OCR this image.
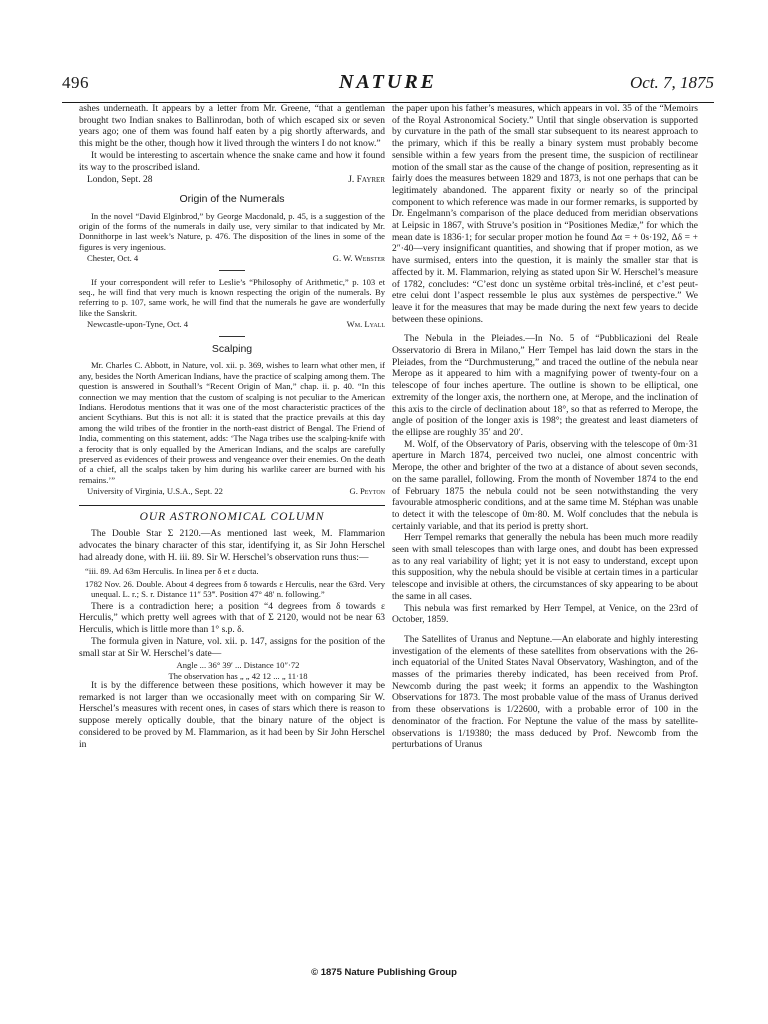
496	NATURE	Oct. 7, 1875

ashes underneath. It appears by a letter from Mr. Greene, “that a gentleman brought two Indian snakes to Ballinrodan, both of which escaped six or seven years ago; one of them was found half eaten by a pig shortly afterwards, and this might be the other, though how it lived through the winters I do not know.”

It would be interesting to ascertain whence the snake came and how it found its way to the proscribed island.

London, Sept. 28	J. Fayrer
Origin of the Numerals

In the novel “David Elginbrod,” by George Macdonald, p. 45, is a suggestion of the origin of the forms of the numerals in daily use, very similar to that indicated by Mr. Donnithorpe in last week’s Nature, p. 476. The disposition of the lines in some of the figures is very ingenious.

Chester, Oct. 4	G. W. Webster

If your correspondent will refer to Leslie’s “Philosophy of Arithmetic,” p. 103 et seq., he will find that very much is known respecting the origin of the numerals. By referring to p. 107, same work, he will find that the numerals he gave are wonderfully like the Sanskrit.

Newcastle-upon-Tyne, Oct. 4	Wm. Lyall
Scalping

Mr. Charles C. Abbott, in Nature, vol. xii. p. 369, wishes to learn what other men, if any, besides the North American Indians, have the practice of scalping among them. The question is answered in Southall’s “Recent Origin of Man,” chap. ii. p. 40. “In this connection we may mention that the custom of scalping is not peculiar to the American Indians. Herodotus mentions that it was one of the most characteristic practices of the ancient Scythians. But this is not all: it is stated that the practice prevails at this day among the wild tribes of the frontier in the north-east district of Bengal. The Friend of India, commenting on this statement, adds: ‘The Naga tribes use the scalping-knife with a ferocity that is only equalled by the American Indians, and the scalps are carefully preserved as evidences of their prowess and vengeance over their enemies. On the death of a chief, all the scalps taken by him during his warlike career are burned with his remains.’”

University of Virginia, U.S.A., Sept. 22	G. Peyton
OUR ASTRONOMICAL COLUMN

The Double Star Σ 2120.—As mentioned last week, M. Flammarion advocates the binary character of this star, identifying it, as Sir John Herschel had already done, with H. iii. 89. Sir W. Herschel’s observation runs thus:—

“iii. 89. Ad 63m Herculis. In linea per δ et ε ducta.

1782 Nov. 26. Double. About 4 degrees from δ towards ε Herculis, near the 63rd. Very unequal. L. r.; S. r. Distance 11″ 53‴. Position 47° 48′ n. following.”

There is a contradiction here; a position “4 degrees from δ towards ε Herculis,” which pretty well agrees with that of Σ 2120, would not be near 63 Herculis, which is little more than 1° s.p. δ.

The formula given in Nature, vol. xii. p. 147, assigns for the position of the small star at Sir W. Herschel’s date—

Angle ... 36° 39′ ... Distance 10″·72

The observation has „ „ 42 12 ... „ 11·18

It is by the difference between these positions, which however it may be remarked is not larger than we occasionally meet with on comparing Sir W. Herschel’s measures with recent ones, in cases of stars which there is reason to suppose merely optically double, that the binary nature of the object is considered to be proved by M. Flammarion, as it had been by Sir John Herschel in

the paper upon his father’s measures, which appears in vol. 35 of the “Memoirs of the Royal Astronomical Society.” Until that single observation is supported by curvature in the path of the small star subsequent to its nearest approach to the primary, which if this be really a binary system must probably become sensible within a few years from the present time, the suspicion of rectilinear motion of the small star as the cause of the change of position, representing as it fairly does the measures between 1829 and 1873, is not one perhaps that can be legitimately abandoned. The apparent fixity or nearly so of the principal component to which reference was made in our former remarks, is supported by Dr. Engelmann’s comparison of the place deduced from meridian observations at Leipsic in 1867, with Struve’s position in “Positiones Mediæ,” for which the mean date is 1836·1; for secular proper motion he found Δα = + 0s·192, Δδ = + 2″·40—very insignificant quantities, and showing that if proper motion, as we have surmised, enters into the question, it is mainly the smaller star that is affected by it. M. Flammarion, relying as stated upon Sir W. Herschel’s measure of 1782, concludes: “C’est donc un système orbital très-incliné, et c’est peut-etre celui dont l’aspect ressemble le plus aux systèmes de perspective.” We leave it for the measures that may be made during the next few years to decide between these opinions.

The Nebula in the Pleiades.—In No. 5 of “Pubblicazioni del Reale Osservatorio di Brera in Milano,” Herr Tempel has laid down the stars in the Pleiades, from the “Durchmusterung,” and traced the outline of the nebula near Merope as it appeared to him with a magnifying power of twenty-four on a telescope of four inches aperture. The outline is shown to be elliptical, one extremity of the longer axis, the northern one, at Merope, and the inclination of this axis to the circle of declination about 18°, so that as referred to Merope, the angle of position of the longer axis is 198°; the greatest and least diameters of the ellipse are roughly 35′ and 20′.

M. Wolf, of the Observatory of Paris, observing with the telescope of 0m·31 aperture in March 1874, perceived two nuclei, one almost concentric with Merope, the other and brighter of the two at a distance of about seven seconds, on the same parallel, following. From the month of November 1874 to the end of February 1875 the nebula could not be seen notwithstanding the very favourable atmospheric conditions, and at the same time M. Stéphan was unable to detect it with the telescope of 0m·80. M. Wolf concludes that the nebula is certainly variable, and that its period is pretty short.

Herr Tempel remarks that generally the nebula has been much more readily seen with small telescopes than with large ones, and doubt has been expressed as to any real variability of light; yet it is not easy to understand, except upon this supposition, why the nebula should be visible at certain times in a particular telescope and invisible at others, the circumstances of sky appearing to be about the same in all cases.

This nebula was first remarked by Herr Tempel, at Venice, on the 23rd of October, 1859.

The Satellites of Uranus and Neptune.—An elaborate and highly interesting investigation of the elements of these satellites from observations with the 26-inch equatorial of the United States Naval Observatory, Washington, and of the masses of the primaries thereby indicated, has been received from Prof. Newcomb during the past week; it forms an appendix to the Washington Observations for 1873. The most probable value of the mass of Uranus derived from these observations is 1/22600, with a probable error of 100 in the denominator of the fraction. For Neptune the value of the mass by satellite-observations is 1/19380; the mass deduced by Prof. Newcomb from the perturbations of Uranus

© 1875 Nature Publishing Group
